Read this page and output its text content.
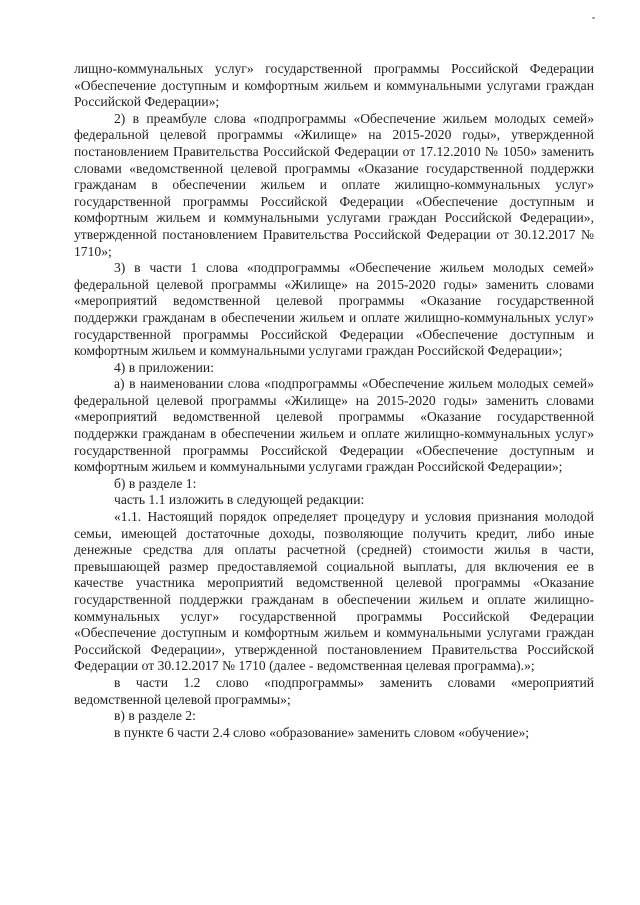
лищно-коммунальных услуг» государственной программы Российской Федерации «Обеспечение доступным и комфортным жильем и коммунальными услугами граждан Российской Федерации»;

2) в преамбуле слова «подпрограммы «Обеспечение жильем молодых семей» федеральной целевой программы «Жилище» на 2015-2020 годы», утвержденной постановлением Правительства Российской Федерации от 17.12.2010 № 1050» заменить словами «ведомственной целевой программы «Оказание государственной поддержки гражданам в обеспечении жильем и оплате жилищно-коммунальных услуг» государственной программы Российской Федерации «Обеспечение доступным и комфортным жильем и коммунальными услугами граждан Российской Федерации», утвержденной постановлением Правительства Российской Федерации от 30.12.2017 № 1710»;

3) в части 1 слова «подпрограммы «Обеспечение жильем молодых семей» федеральной целевой программы «Жилище» на 2015-2020 годы» заменить словами «мероприятий ведомственной целевой программы «Оказание государственной поддержки гражданам в обеспечении жильем и оплате жилищно-коммунальных услуг» государственной программы Российской Федерации «Обеспечение доступным и комфортным жильем и коммунальными услугами граждан Российской Федерации»;

4) в приложении:

а) в наименовании слова «подпрограммы «Обеспечение жильем молодых семей» федеральной целевой программы «Жилище» на 2015-2020 годы» заменить словами «мероприятий ведомственной целевой программы «Оказание государственной поддержки гражданам в обеспечении жильем и оплате жилищно-коммунальных услуг» государственной программы Российской Федерации «Обеспечение доступным и комфортным жильем и коммунальными услугами граждан Российской Федерации»;

б) в разделе 1:

часть 1.1 изложить в следующей редакции:

«1.1. Настоящий порядок определяет процедуру и условия признания молодой семьи, имеющей достаточные доходы, позволяющие получить кредит, либо иные денежные средства для оплаты расчетной (средней) стоимости жилья в части, превышающей размер предоставляемой социальной выплаты, для включения ее в качестве участника мероприятий ведомственной целевой программы «Оказание государственной поддержки гражданам в обеспечении жильем и оплате жилищно-коммунальных услуг» государственной программы Российской Федерации «Обеспечение доступным и комфортным жильем и коммунальными услугами граждан Российской Федерации», утвержденной постановлением Правительства Российской Федерации от 30.12.2017 № 1710 (далее - ведомственная целевая программа).»;

в части 1.2 слово «подпрограммы» заменить словами «мероприятий ведомственной целевой программы»;

в) в разделе 2:

в пункте 6 части 2.4 слово «образование» заменить словом «обучение»;
